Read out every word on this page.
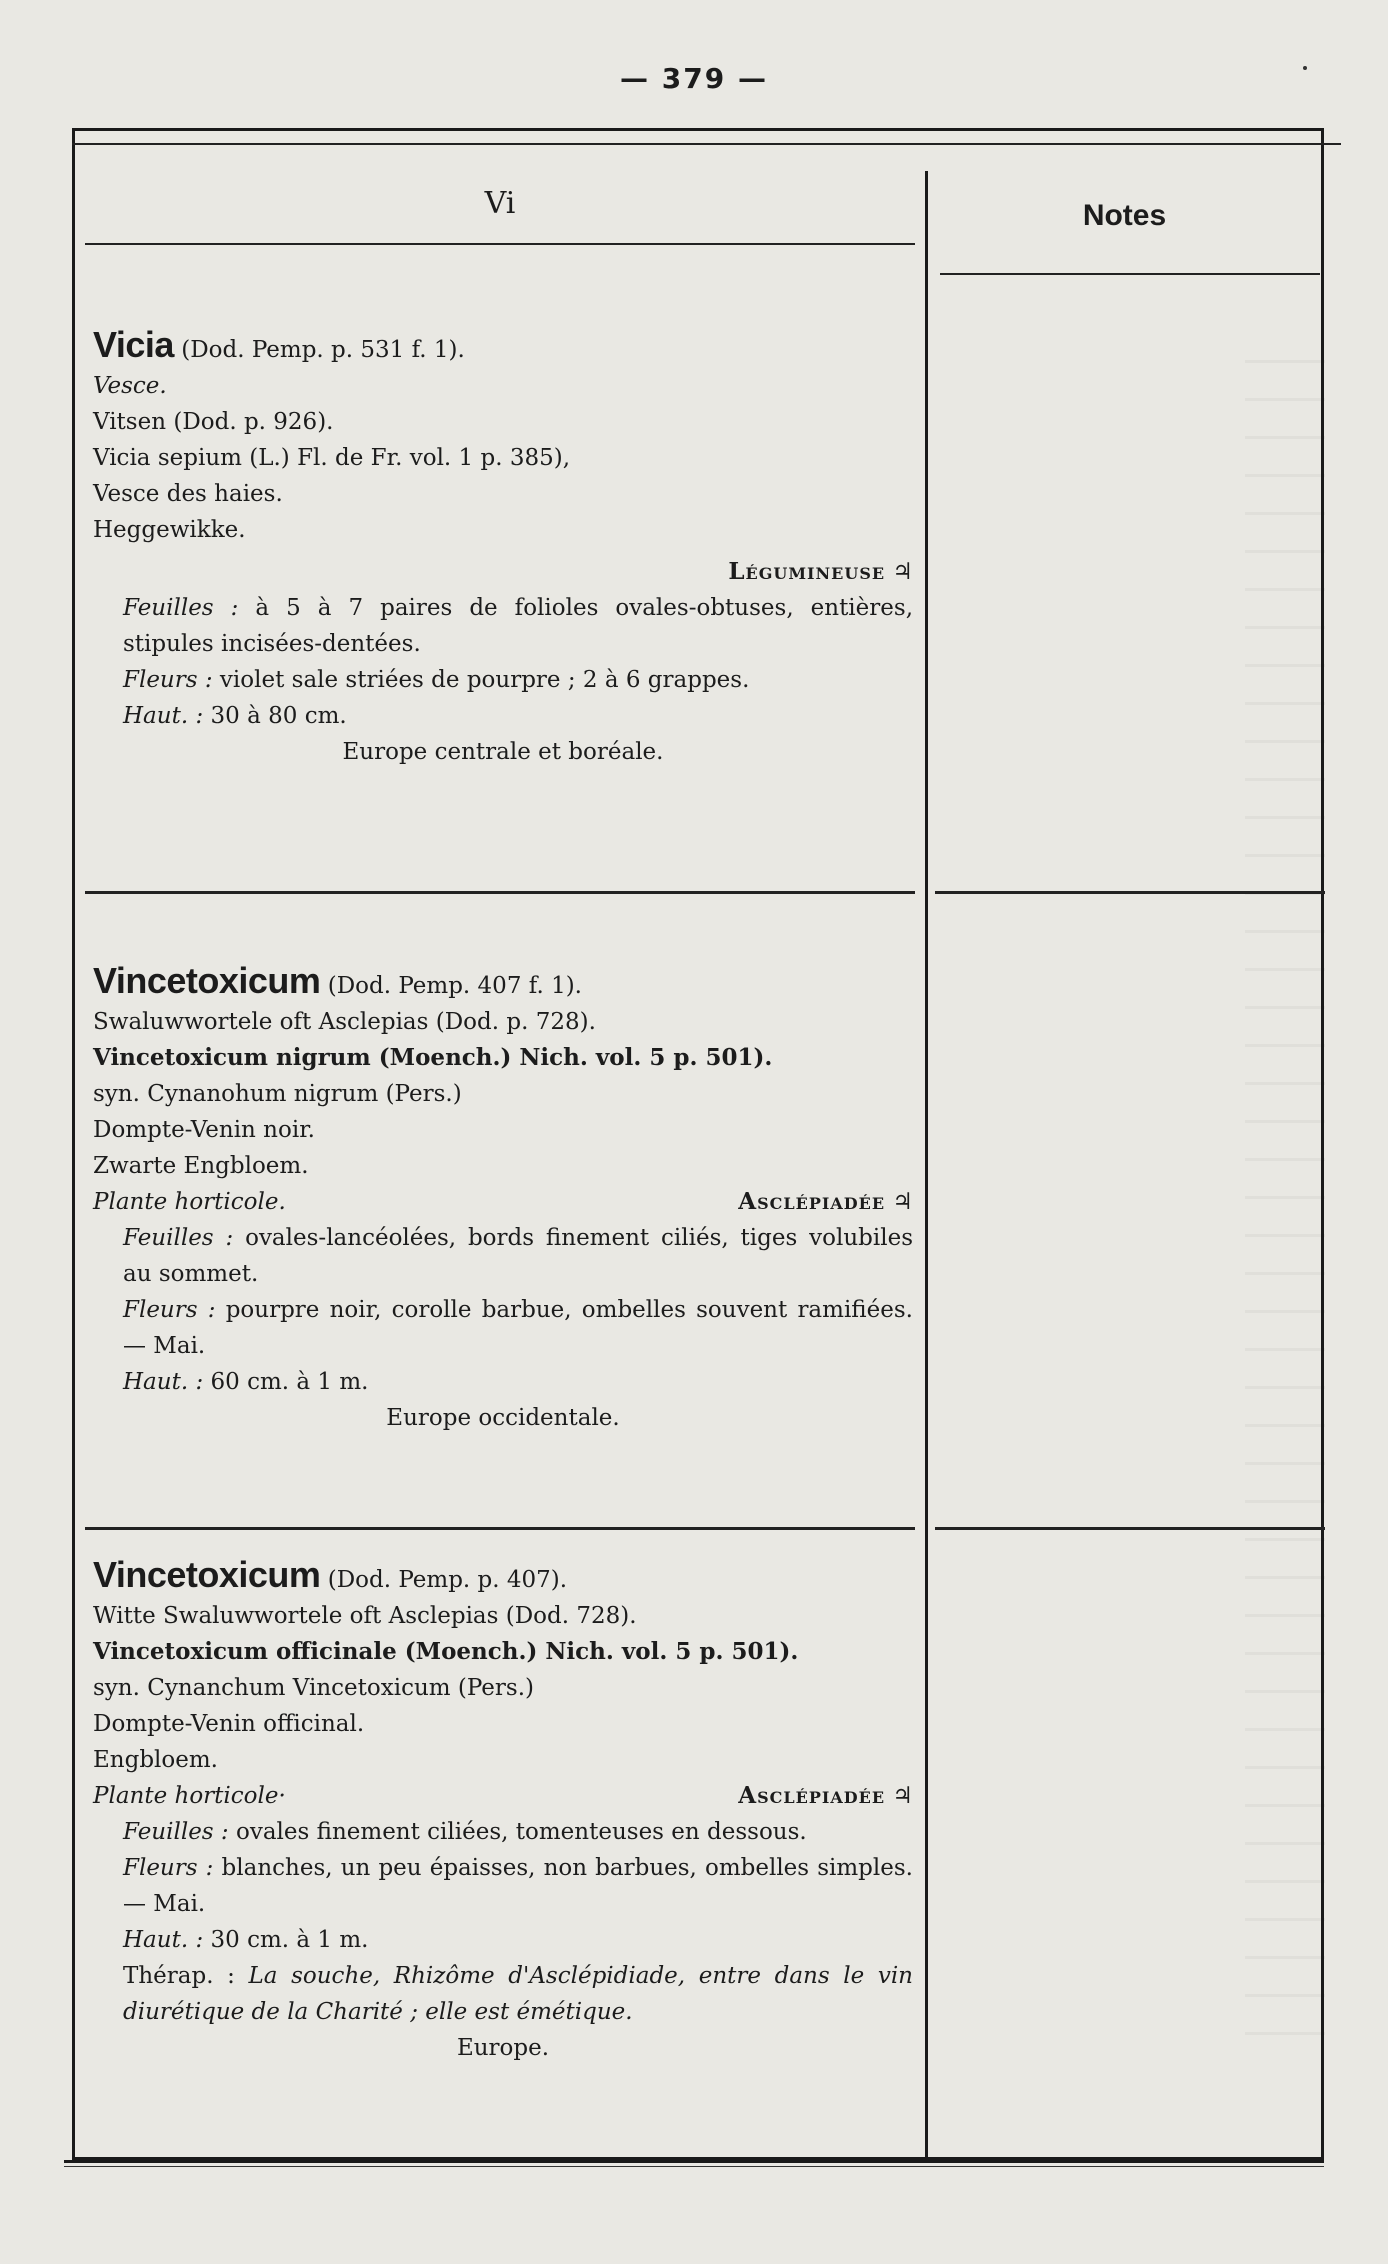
— 379 —
Vi	Notes
Vicia (Dod. Pemp. p. 531 f. 1).
Vesce.
Vitsen (Dod. p. 926).
Vicia sepium (L.) Fl. de Fr. vol. 1 p. 385),
Vesce des haies.
Heggewikke.
Légumineuse ♃
Feuilles : à 5 à 7 paires de folioles ovales-obtuses, entières, stipules incisées-dentées.
Fleurs : violet sale striées de pourpre ; 2 à 6 grappes.
Haut. : 30 à 80 cm.
Europe centrale et boréale.
Vincetoxicum (Dod. Pemp. 407 f. 1).
Swaluwwortele oft Asclepias (Dod. p. 728).
Vincetoxicum nigrum (Moench.) Nich. vol. 5 p. 501).
syn. Cynanohum nigrum (Pers.)
Dompte-Venin noir.
Zwarte Engbloem.
Plante horticole.	Asclépiadée ♃
Feuilles : ovales-lancéolées, bords finement ciliés, tiges volubiles au sommet.
Fleurs : pourpre noir, corolle barbue, ombelles souvent ramifiées. — Mai.
Haut. : 60 cm. à 1 m.
Europe occidentale.
Vincetoxicum (Dod. Pemp. p. 407).
Witte Swaluwwortele oft Asclepias (Dod. 728).
Vincetoxicum officinale (Moench.) Nich. vol. 5 p. 501).
syn. Cynanchum Vincetoxicum (Pers.)
Dompte-Venin officinal.
Engbloem.
Plante horticole·	Asclépiadée ♃
Feuilles : ovales finement ciliées, tomenteuses en dessous.
Fleurs : blanches, un peu épaisses, non barbues, ombelles simples. — Mai.
Haut. : 30 cm. à 1 m.
Thérap. : La souche, Rhizôme d'Asclépidiade, entre dans le vin diurétique de la Charité ; elle est émétique.
Europe.
